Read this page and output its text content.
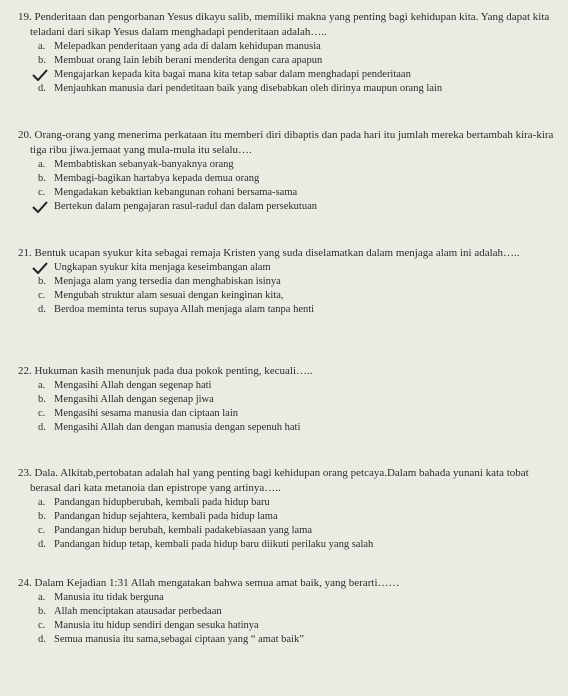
19. Penderitaan dan pengorbanan Yesus dikayu salib, memiliki makna yang penting bagi kehidupan kita. Yang dapat kita teladani dari sikap Yesus dalam menghadapi penderitaan adalah…..
a. Melepadkan penderitaan yang ada di dalam kehidupan manusia
b. Membuat orang lain lebih berani menderita dengan cara apapun
Mengajarkan kepada kita bagai mana kita tetap sabar dalam menghadapi penderitaan
d. Menjauhkan manusia dari pendetitaan baik yang disebabkan oleh dirinya maupun orang lain
20. Orang-orang yang menerima perkataan itu memberi diri dibaptis dan pada hari itu jumlah mereka bertambah kira-kira tiga ribu jiwa.jemaat yang mula-mula itu selalu….
a. Membabtiskan sebanyak-banyaknya orang
b. Membagi-bagikan hartabya kepada demua orang
c. Mengadakan kebaktian kebangunan rohani bersama-sama
Bertekun dalam pengajaran rasul-radul dan dalam persekutuan
21. Bentuk ucapan syukur kita sebagai remaja Kristen yang suda diselamatkan dalam menjaga alam ini adalah…..
Ungkapan syukur kita menjaga keseimbangan alam
b. Menjaga alam yang tersedia dan menghabiskan isinya
c. Mengubah struktur alam sesuai dengan keinginan kita,
d. Berdoa meminta terus supaya Allah menjaga alam tanpa henti
22. Hukuman kasih menunjuk pada dua pokok penting, kecuali…..
a. Mengasihi Allah dengan segenap hati
b. Mengasihi Allah dengan segenap jiwa
c. Mengasihi sesama manusia dan ciptaan lain
d. Mengasihi Allah dan dengan manusia dengan sepenuh hati
23. Dala. Alkitab,pertobatan adalah hal yang penting bagi kehidupan orang petcaya.Dalam bahada yunani kata tobat berasal dari kata metanoia dan epistrope yang artinya…..
a. Pandangan hidupberubah, kembali pada hidup baru
b. Pandangan hidup sejahtera, kembali pada hidup lama
c. Pandangan hidup berubah, kembali padakebiasaan yang lama
d. Pandangan hidup tetap, kembali pada hidup baru diikuti perilaku yang salah
24. Dalam Kejadian 1:31 Allah mengatakan bahwa semua amat baik, yang berarti……
a. Manusia itu tidak berguna
b. Allah menciptakan atausadar perbedaan
c. Manusia itu hidup sendiri dengan sesuka hatinya
d. Semua manusia itu sama,sebagai ciptaan yang “ amat baik”
